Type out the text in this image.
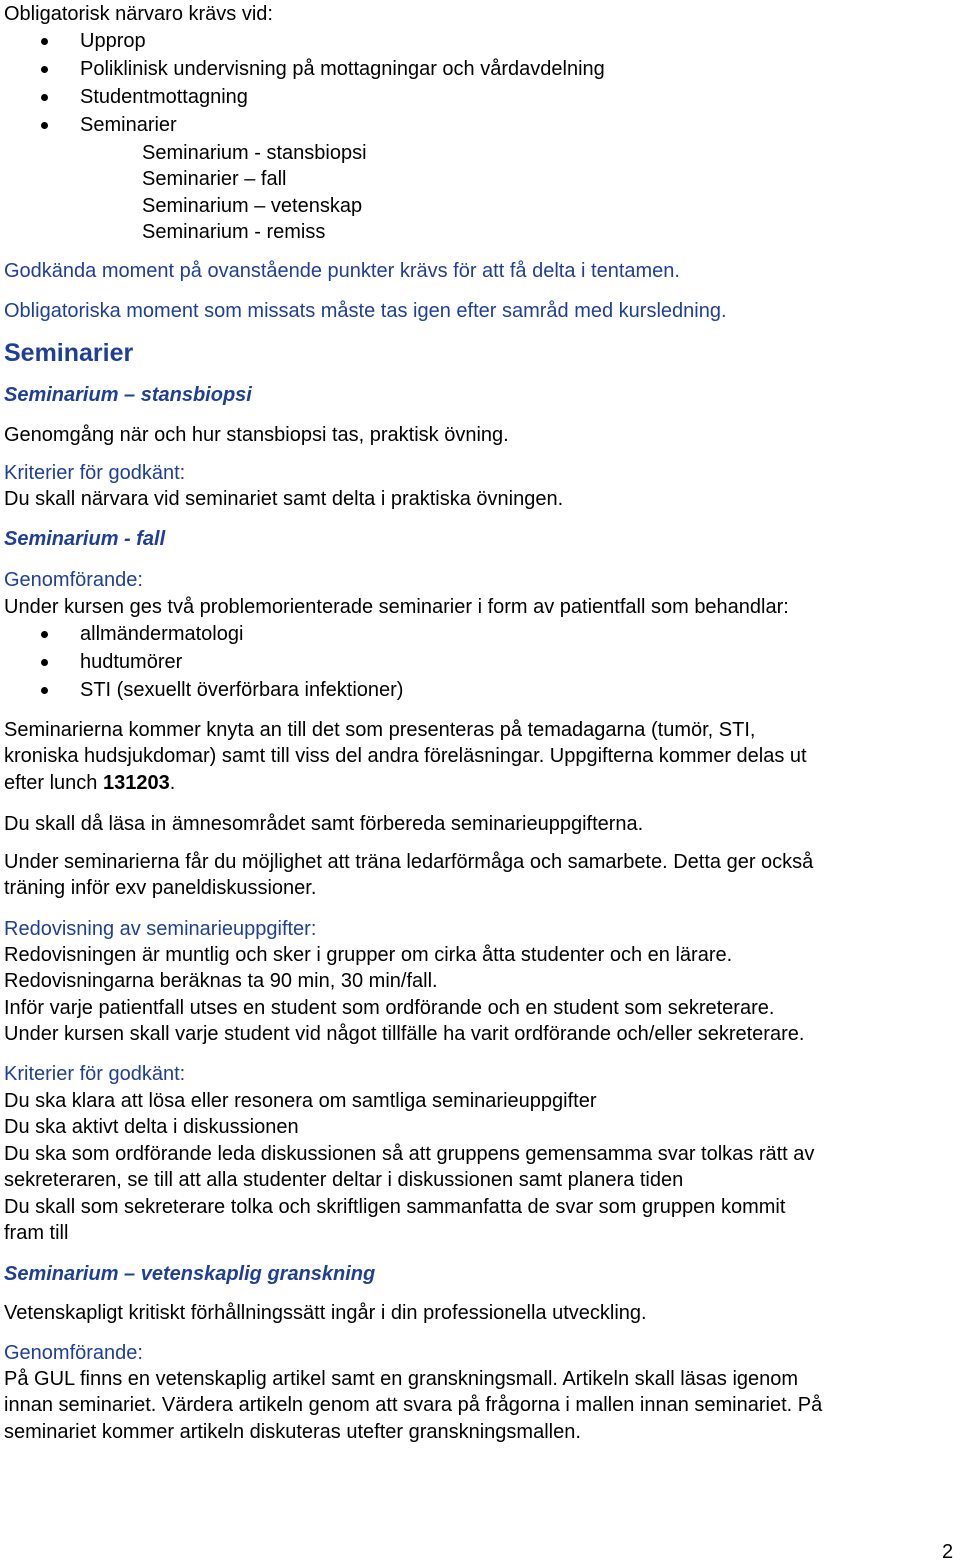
Obligatorisk närvaro krävs vid:
Upprop
Poliklinisk undervisning på mottagningar och vårdavdelning
Studentmottagning
Seminarier
Seminarium - stansbiopsi
Seminarier – fall
Seminarium – vetenskap
Seminarium - remiss
Godkända moment på ovanstående punkter krävs för att få delta i tentamen.
Obligatoriska moment som missats måste tas igen efter samråd med kursledning.
Seminarier
Seminarium – stansbiopsi
Genomgång när och hur stansbiopsi tas, praktisk övning.
Kriterier för godkänt:
Du skall närvara vid seminariet samt delta i praktiska övningen.
Seminarium - fall
Genomförande:
Under kursen ges två problemorienterade seminarier i form av patientfall som behandlar:
allmändermatologi
hudtumörer
STI (sexuellt överförbara infektioner)
Seminarierna kommer knyta an till det som presenteras på temadagarna (tumör, STI,
kroniska hudsjukdomar) samt till viss del andra föreläsningar. Uppgifterna kommer delas ut
efter lunch 131203.
Du skall då läsa in ämnesområdet samt förbereda seminarieuppgifterna.
Under seminarierna får du möjlighet att träna ledarförmåga och samarbete. Detta ger också
träning inför exv paneldiskussioner.
Redovisning av seminarieuppgifter:
Redovisningen är muntlig och sker i grupper om cirka åtta studenter och en lärare.
Redovisningarna beräknas ta 90 min, 30 min/fall.
Inför varje patientfall utses en student som ordförande och en student som sekreterare.
Under kursen skall varje student vid något tillfälle ha varit ordförande och/eller sekreterare.
Kriterier för godkänt:
Du ska klara att lösa eller resonera om samtliga seminarieuppgifter
Du ska aktivt delta i diskussionen
Du ska som ordförande leda diskussionen så att gruppens gemensamma svar tolkas rätt av
sekreteraren, se till att alla studenter deltar i diskussionen samt planera tiden
Du skall som sekreterare tolka och skriftligen sammanfatta de svar som gruppen kommit
fram till
Seminarium – vetenskaplig granskning
Vetenskapligt kritiskt förhållningssätt ingår i din professionella utveckling.
Genomförande:
På GUL finns en vetenskaplig artikel samt en granskningsmall. Artikeln skall läsas igenom
innan seminariet. Värdera artikeln genom att svara på frågorna i mallen innan seminariet. På
seminariet kommer artikeln diskuteras utefter granskningsmallen.
2
